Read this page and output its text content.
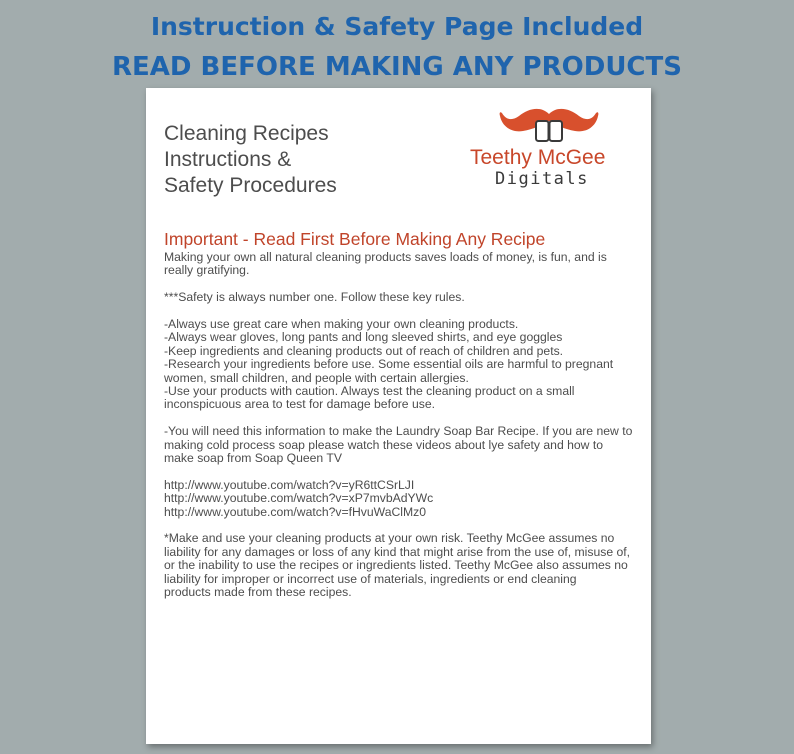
Instruction & Safety Page Included
READ BEFORE MAKING ANY PRODUCTS
Cleaning Recipes
Instructions &
Safety Procedures
Teethy McGee
Digitals
Important - Read First Before Making Any Recipe

Making your own all natural cleaning products saves loads of money, is fun, and is
really gratifying.

***Safety is always number one. Follow these key rules.

-Always use great care when making your own cleaning products.
-Always wear gloves, long pants and long sleeved shirts, and eye goggles
-Keep ingredients and cleaning products out of reach of children and pets.
-Research your ingredients before use. Some essential oils are harmful to pregnant
women, small children, and people with certain allergies.
-Use your products with caution. Always test the cleaning product on a small
inconspicuous area to test for damage before use.

-You will need this information to make the Laundry Soap Bar Recipe. If you are new to
making cold process soap please watch these videos about lye safety and how to
make soap from Soap Queen TV

http://www.youtube.com/watch?v=yR6ttCSrLJI
http://www.youtube.com/watch?v=xP7mvbAdYWc
http://www.youtube.com/watch?v=fHvuWaClMz0

*Make and use your cleaning products at your own risk. Teethy McGee assumes no
liability for any damages or loss of any kind that might arise from the use of, misuse of,
or the inability to use the recipes or ingredients listed. Teethy McGee also assumes no
liability for improper or incorrect use of materials, ingredients or end cleaning
products made from these recipes.
